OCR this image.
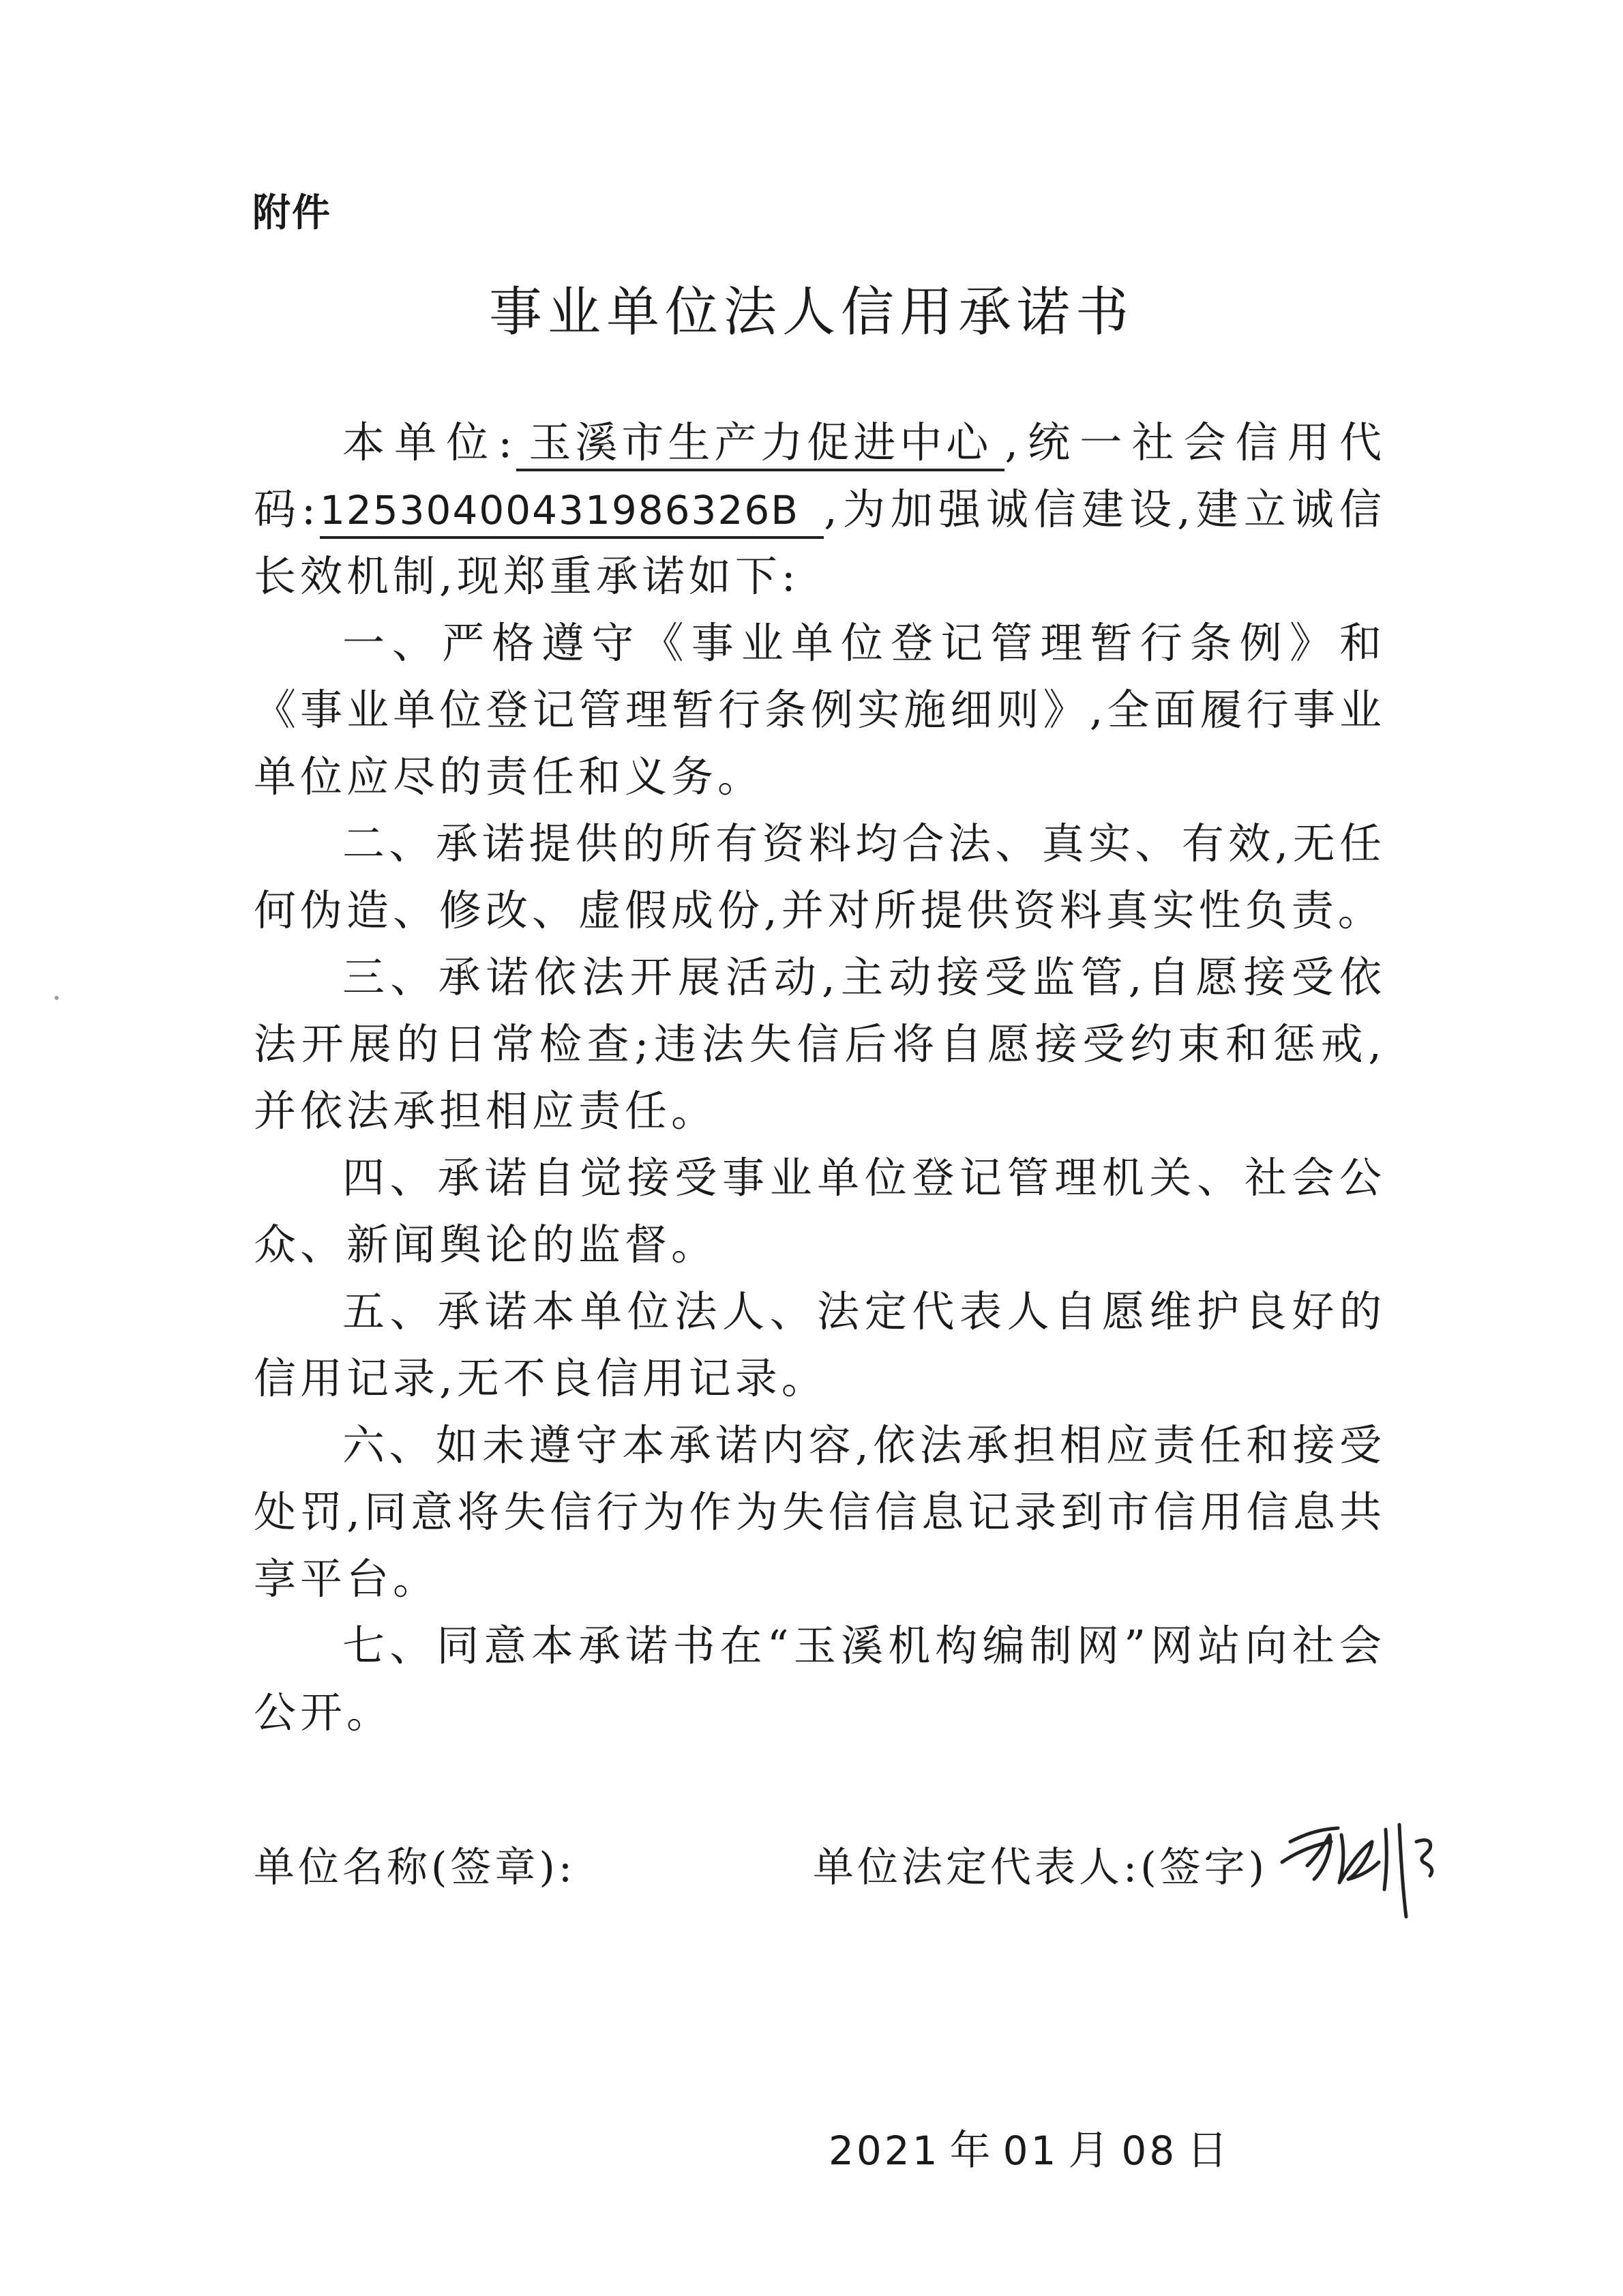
附件
事业单位法人信用承诺书

本单位: 玉溪市生产力促进中心 ,统一社会信用代码:12530400431986326B ,为加强诚信建设,建立诚信长效机制,现郑重承诺如下:

一、严格遵守《事业单位登记管理暂行条例》和《事业单位登记管理暂行条例实施细则》,全面履行事业单位应尽的责任和义务。

二、承诺提供的所有资料均合法、真实、有效,无任何伪造、修改、虚假成份,并对所提供资料真实性负责。

三、承诺依法开展活动,主动接受监管,自愿接受依法开展的日常检查;违法失信后将自愿接受约束和惩戒,并依法承担相应责任。

四、承诺自觉接受事业单位登记管理机关、社会公众、新闻舆论的监督。

五、承诺本单位法人、法定代表人自愿维护良好的信用记录,无不良信用记录。

六、如未遵守本承诺内容,依法承担相应责任和接受处罚,同意将失信行为作为失信信息记录到市信用信息共享平台。

七、同意本承诺书在“玉溪机构编制网”网站向社会公开。

单位名称(签章):	单位法定代表人:(签字)
2021 年 01 月 08 日
